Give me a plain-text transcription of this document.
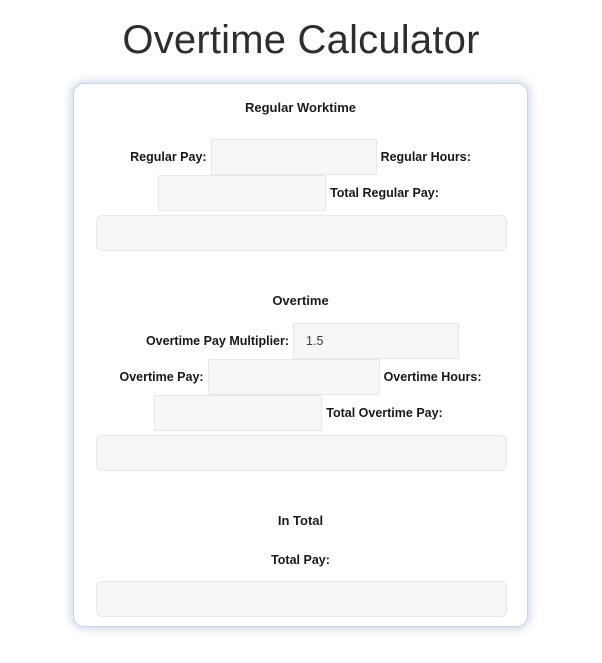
Overtime Calculator
Regular Worktime
Regular Pay:	Regular Hours:Total Regular Pay:
Overtime
Overtime Pay Multiplier:1.5Overtime Pay:	Overtime Hours:Total Overtime Pay:
In Total
Total Pay:
